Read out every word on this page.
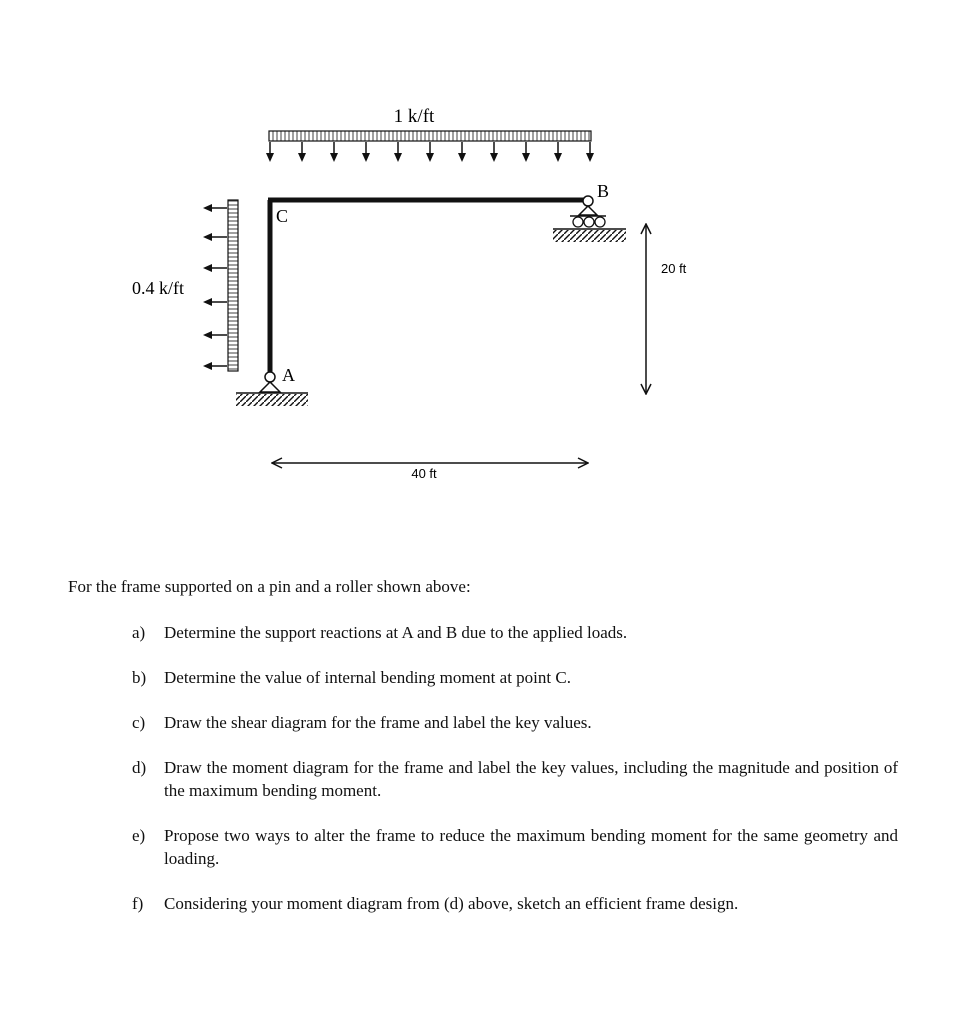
1 k/ft
0.4 k/ft
C
A
B
20 ft
40 ft

For the frame supported on a pin and a roller shown above:

a)	Determine the support reactions at A and B due to the applied loads.
b)	Determine the value of internal bending moment at point C.
c)	Draw the shear diagram for the frame and label the key values.
d)	Draw the moment diagram for the frame and label the key values, including the magnitude and position of the maximum bending moment.
e)	Propose two ways to alter the frame to reduce the maximum bending moment for the same geometry and loading.
f)	Considering your moment diagram from (d) above, sketch an efficient frame design.
